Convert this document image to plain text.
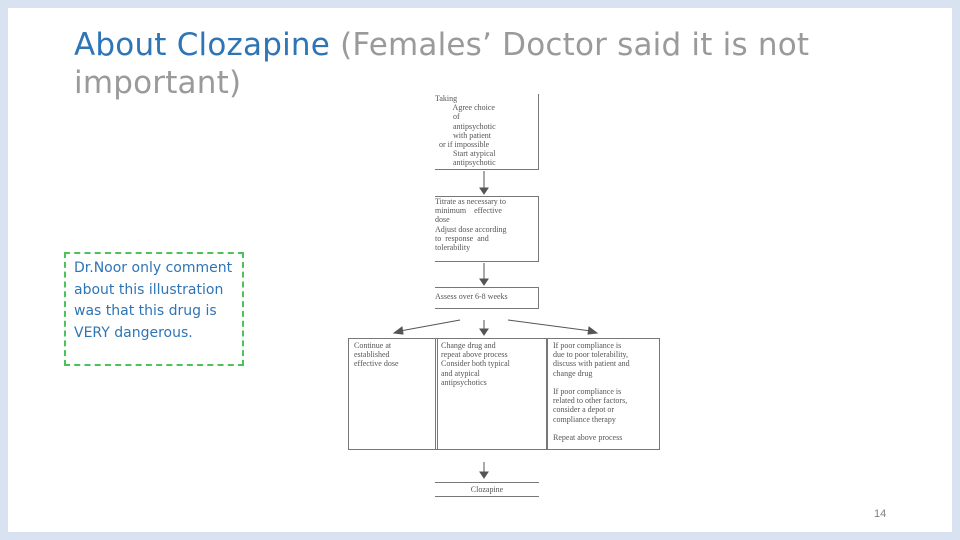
About Clozapine (Females’ Doctor said it is not important)	Taking
Agree choice
of
antipsychotic
with patient
or if impossible
Start atypical
antipsychotic
Titrate as necessary to
minimum    effective
dose
Adjust dose according
to  response  and
tolerability
Assess over 6-8 weeks
Continue at
established
effective dose
Change drug and
repeat above process
Consider both typical
and atypical
antipsychotics
If poor compliance is
due to poor tolerability,
discuss with patient and
change drug

If poor compliance is
related to other factors,
consider a depot or
compliance therapy

Repeat above process
Clozapine
Dr.Noor only comment about this illustration was that this drug is VERY dangerous.
14
